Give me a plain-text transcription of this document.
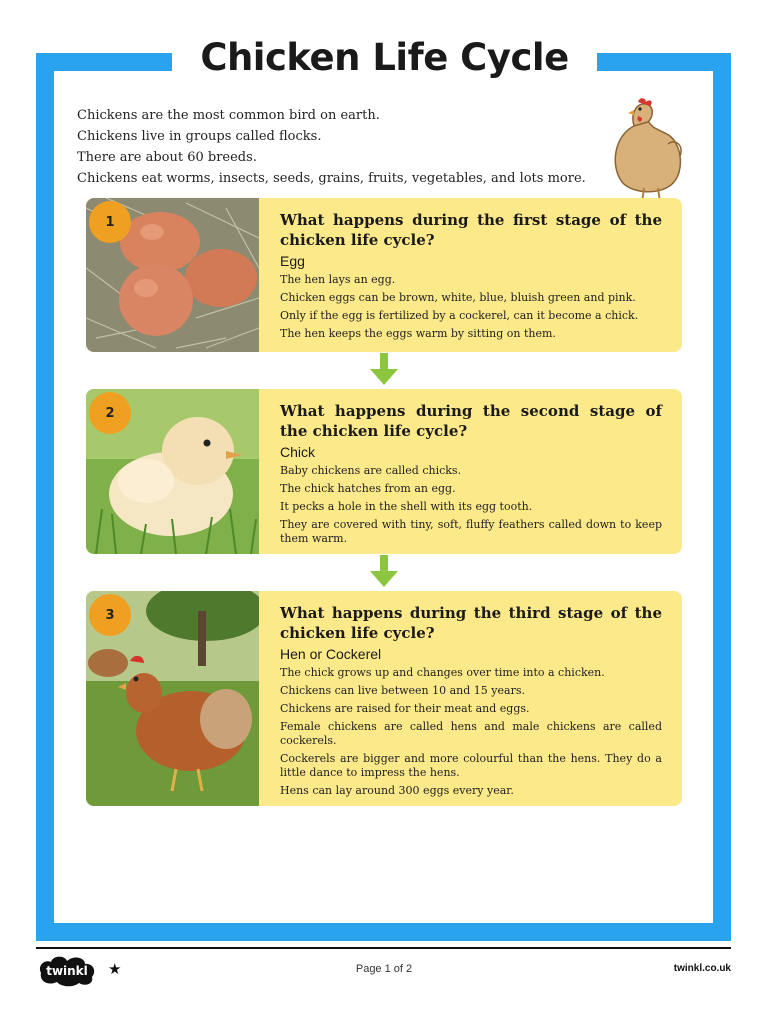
Chicken Life Cycle
Chickens are the most common bird on earth.
Chickens live in groups called flocks.
There are about 60 breeds.
Chickens eat worms, insects, seeds, grains, fruits, vegetables, and lots more.
1	What happens during the first stage of the chicken life cycle?
Egg
The hen lays an egg.
Chicken eggs can be brown, white, blue, bluish green and pink.
Only if the egg is fertilized by a cockerel, can it become a chick.
The hen keeps the eggs warm by sitting on them.
2	What happens during the second stage of the chicken life cycle?
Chick
Baby chickens are called chicks.
The chick hatches from an egg.
It pecks a hole in the shell with its egg tooth.
They are covered with tiny, soft, fluffy feathers called down to keep them warm.
3	What happens during the third stage of the chicken life cycle?
Hen or Cockerel
The chick grows up and changes over time into a chicken.
Chickens can live between 10 and 15 years.
Chickens are raised for their meat and eggs.
Female chickens are called hens and male chickens are called cockerels.
Cockerels are bigger and more colourful than the hens. They do a little dance to impress the hens.
Hens can lay around 300 eggs every year.
twinkl ★	Page 1 of 2	twinkl.co.uk
